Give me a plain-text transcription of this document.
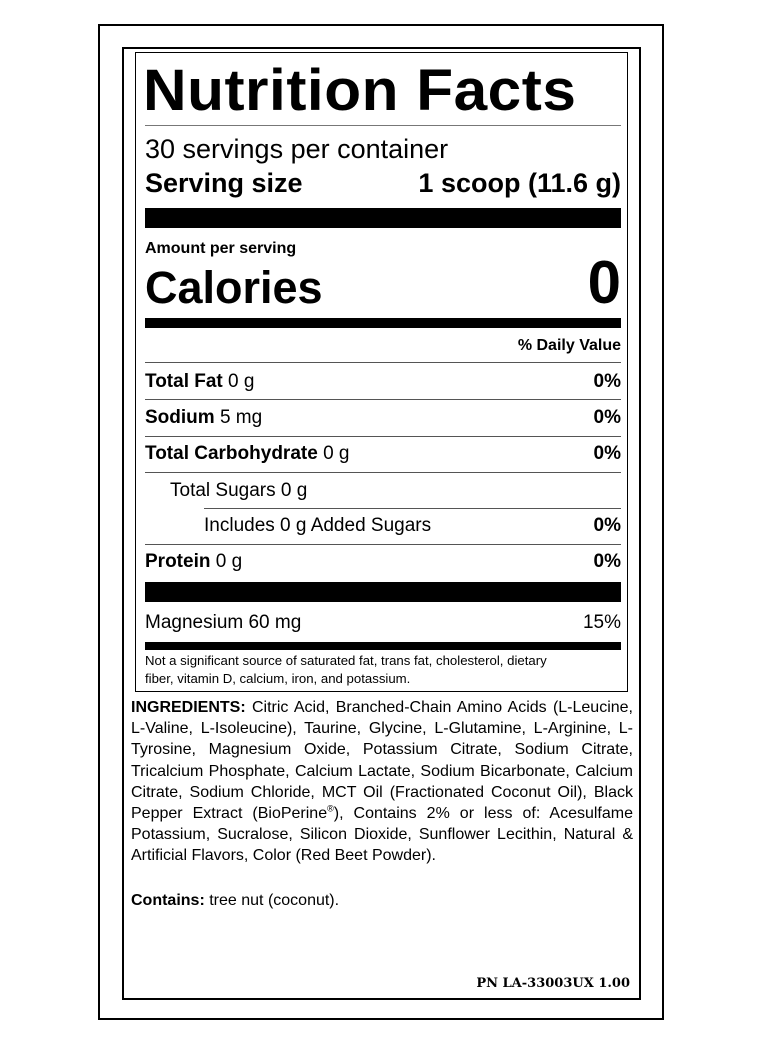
Nutrition Facts
30 servings per container
Serving size	1 scoop (11.6 g)
Amount per serving
Calories	0
% Daily Value
Total Fat 0 g	0%
Sodium 5 mg	0%
Total Carbohydrate 0 g	0%
Total Sugars 0 g
Includes 0 g Added Sugars	0%
Protein 0 g	0%
Magnesium 60 mg	15%
Not a significant source of saturated fat, trans fat, cholesterol, dietary
fiber, vitamin D, calcium, iron, and potassium.
INGREDIENTS: Citric Acid, Branched-Chain Amino Acids (L-Leucine, L-Valine, L-Isoleucine), Taurine, Glycine, L-Glutamine, L-Arginine, L-Tyrosine, Magnesium Oxide, Potassium Citrate, Sodium Citrate, Tricalcium Phosphate, Calcium Lactate, Sodium Bicarbonate, Calcium Citrate, Sodium Chloride, MCT Oil (Fractionated Coconut Oil), Black Pepper Extract (BioPerine®), Contains 2% or less of: Acesulfame Potassium, Sucralose, Silicon Dioxide, Sunflower Lecithin, Natural & Artificial Flavors, Color (Red Beet Powder).
Contains: tree nut (coconut).
PN LA-33003UX 1.00
